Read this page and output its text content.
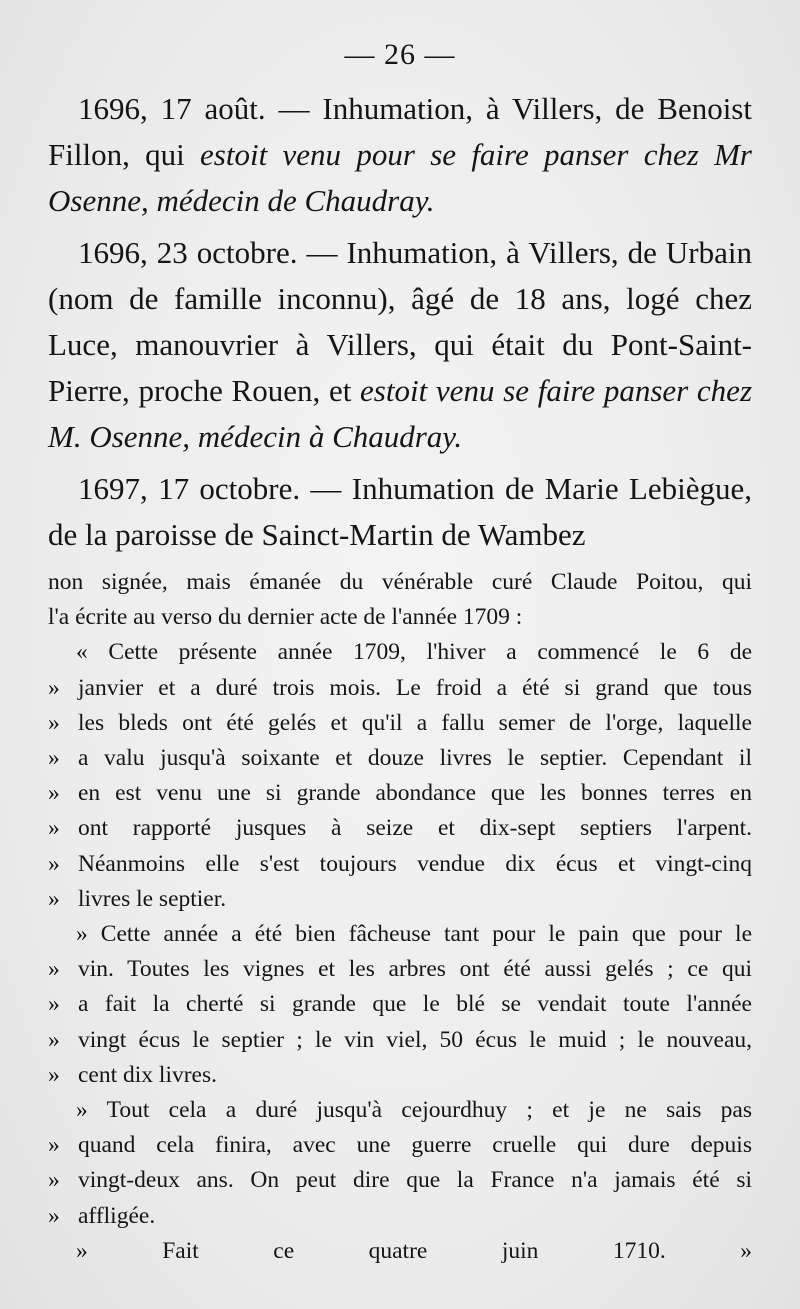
— 26 —

1696, 17 août. — Inhumation, à Villers, de Benoist Fillon, qui estoit venu pour se faire panser chez Mr Osenne, médecin de Chaudray.

1696, 23 octobre. — Inhumation, à Villers, de Urbain (nom de famille inconnu), âgé de 18 ans, logé chez Luce, manouvrier à Villers, qui était du Pont-Saint-Pierre, proche Rouen, et estoit venu se faire panser chez M. Osenne, médecin à Chaudray.

1697, 17 octobre. — Inhumation de Marie Lebiègue, de la paroisse de Sainct-Martin de Wambez

non signée, mais émanée du vénérable curé Claude Poitou, qui

l'a écrite au verso du dernier acte de l'année 1709 :

« Cette présente année 1709, l'hiver a commencé le 6 de
» janvier et a duré trois mois. Le froid a été si grand que tous
» les bleds ont été gelés et qu'il a fallu semer de l'orge, laquelle
» a valu jusqu'à soixante et douze livres le septier. Cependant il
» en est venu une si grande abondance que les bonnes terres en
» ont rapporté jusques à seize et dix-sept septiers l'arpent.
» Néanmoins elle s'est toujours vendue dix écus et vingt-cinq
» livres le septier.
» Cette année a été bien fâcheuse tant pour le pain que pour le
» vin. Toutes les vignes et les arbres ont été aussi gelés ; ce qui
» a fait la cherté si grande que le blé se vendait toute l'année
» vingt écus le septier ; le vin viel, 50 écus le muid ; le nouveau,
» cent dix livres.
» Tout cela a duré jusqu'à cejourdhuy ; et je ne sais pas
» quand cela finira, avec une guerre cruelle qui dure depuis
» vingt-deux ans. On peut dire que la France n'a jamais été si
» affligée.
» Fait ce quatre juin 1710. »
